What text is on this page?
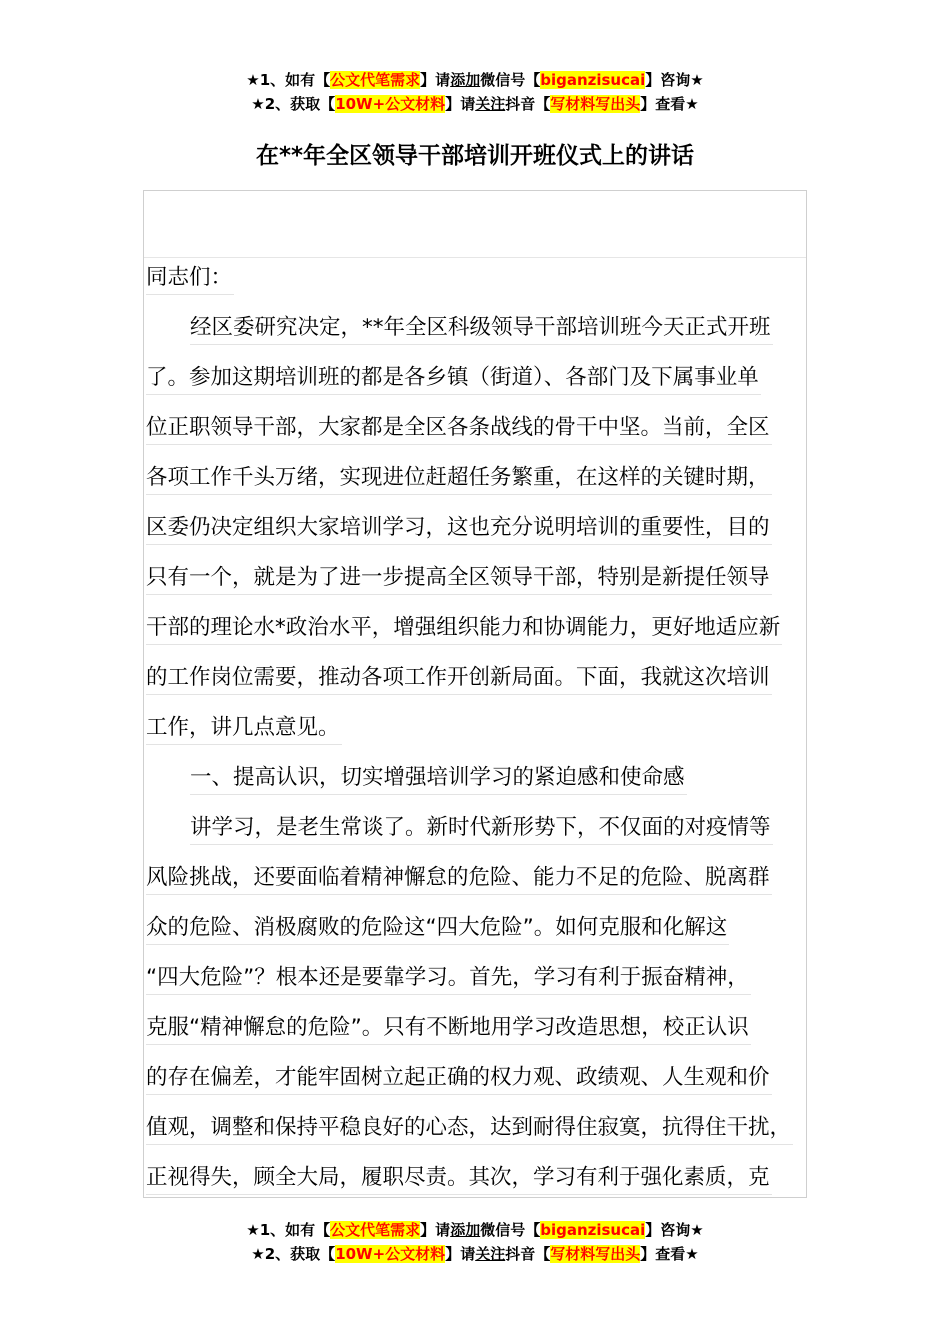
★1、如有【公文代笔需求】请添加微信号【biganzisucai】咨询★
★2、获取【10W+公文材料】请关注抖音【写材料写出头】查看★
在**年全区领导干部培训开班仪式上的讲话
同志们：
经区委研究决定，**年全区科级领导干部培训班今天正式开班
了。参加这期培训班的都是各乡镇（街道）、各部门及下属事业单
位正职领导干部，大家都是全区各条战线的骨干中坚。当前，全区
各项工作千头万绪，实现进位赶超任务繁重，在这样的关键时期，
区委仍决定组织大家培训学习，这也充分说明培训的重要性，目的
只有一个，就是为了进一步提高全区领导干部，特别是新提任领导
干部的理论水*政治水平，增强组织能力和协调能力，更好地适应新
的工作岗位需要，推动各项工作开创新局面。下面，我就这次培训
工作，讲几点意见。
一、提高认识，切实增强培训学习的紧迫感和使命感
讲学习，是老生常谈了。新时代新形势下，不仅面的对疫情等
风险挑战，还要面临着精神懈怠的危险、能力不足的危险、脱离群
众的危险、消极腐败的危险这“四大危险”。如何克服和化解这
“四大危险”？根本还是要靠学习。首先，学习有利于振奋精神，
克服“精神懈怠的危险”。只有不断地用学习改造思想，校正认识
的存在偏差，才能牢固树立起正确的权力观、政绩观、人生观和价
值观，调整和保持平稳良好的心态，达到耐得住寂寞，抗得住干扰，
正视得失，顾全大局，履职尽责。其次，学习有利于强化素质，克
★1、如有【公文代笔需求】请添加微信号【biganzisucai】咨询★
★2、获取【10W+公文材料】请关注抖音【写材料写出头】查看★
